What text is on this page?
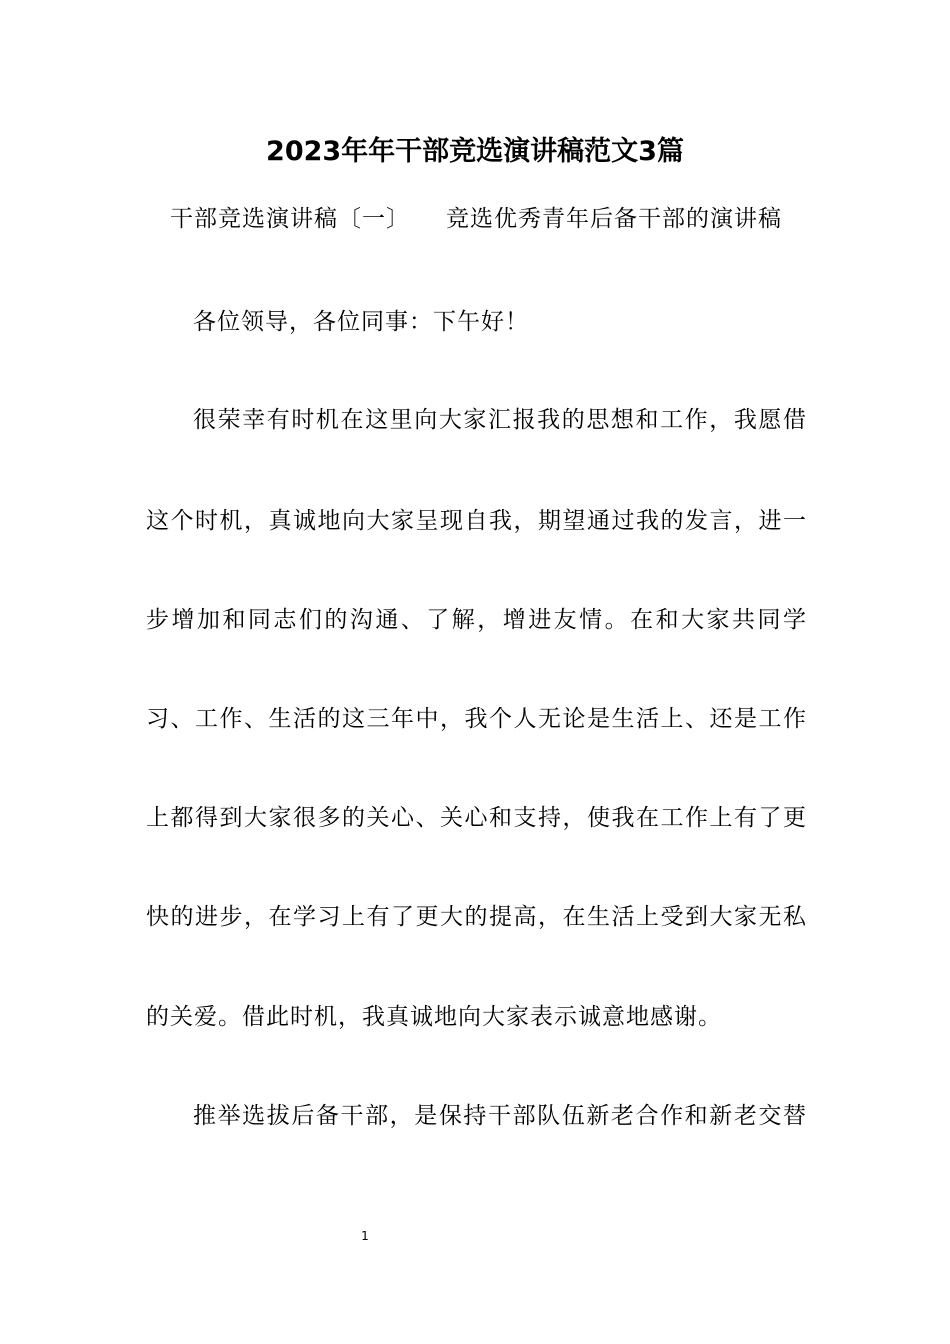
2023年年干部竞选演讲稿范文3篇
干部竞选演讲稿〔一〕 竞选优秀青年后备干部的演讲稿
各位领导，各位同事：下午好！
很荣幸有时机在这里向大家汇报我的思想和工作，我愿借
这个时机，真诚地向大家呈现自我，期望通过我的发言，进一
步增加和同志们的沟通、了解，增进友情。在和大家共同学
习、工作、生活的这三年中，我个人无论是生活上、还是工作
上都得到大家很多的关心、关心和支持，使我在工作上有了更
快的进步，在学习上有了更大的提高，在生活上受到大家无私
的关爱。借此时机，我真诚地向大家表示诚意地感谢。
推举选拔后备干部，是保持干部队伍新老合作和新老交替
1
